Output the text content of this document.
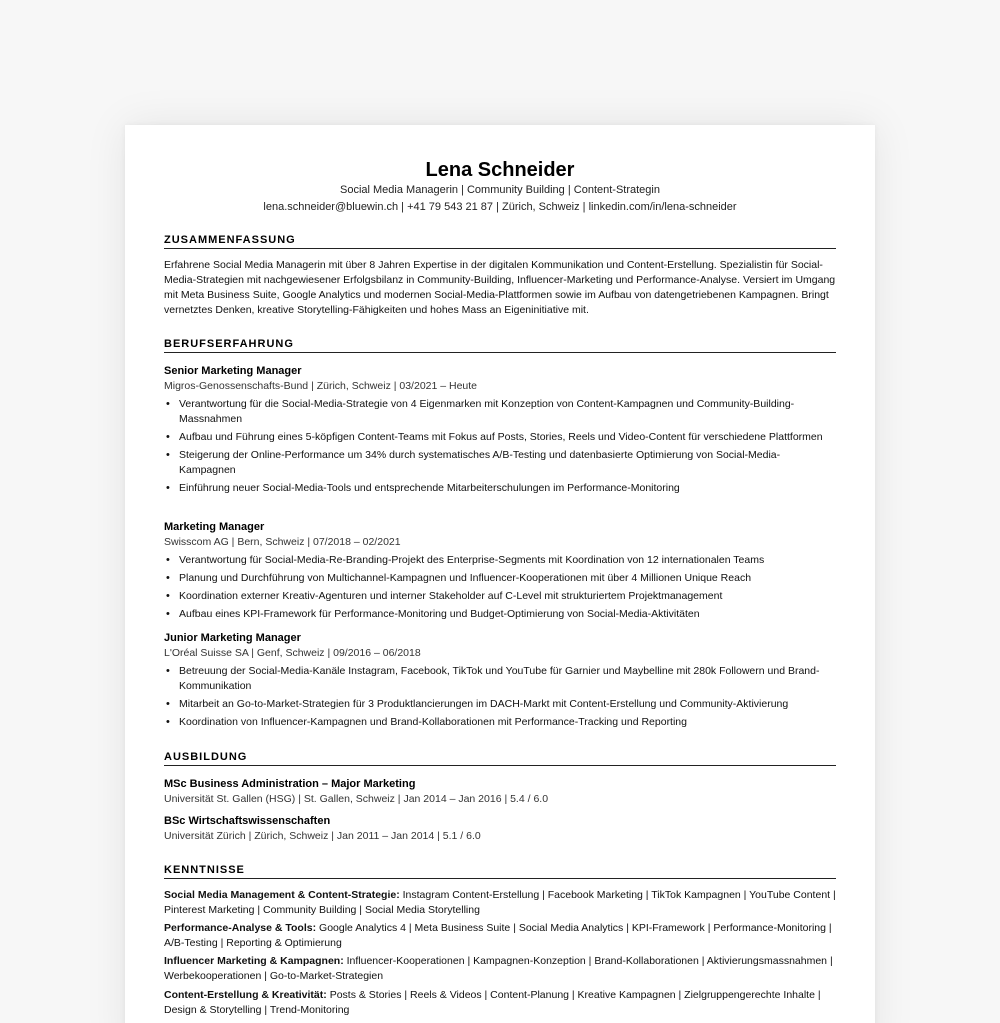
Lena Schneider
Social Media Managerin | Community Building | Content-Strategin
lena.schneider@bluewin.ch | +41 79 543 21 87 | Zürich, Schweiz | linkedin.com/in/lena-schneider
ZUSAMMENFASSUNG
Erfahrene Social Media Managerin mit über 8 Jahren Expertise in der digitalen Kommunikation und Content-Erstellung. Spezialistin für Social-Media-Strategien mit nachgewiesener Erfolgsbilanz in Community-Building, Influencer-Marketing und Performance-Analyse. Versiert im Umgang mit Meta Business Suite, Google Analytics und modernen Social-Media-Plattformen sowie im Aufbau von datengetriebenen Kampagnen. Bringt vernetztes Denken, kreative Storytelling-Fähigkeiten und hohes Mass an Eigeninitiative mit.
BERUFSERFAHRUNG
Senior Marketing Manager
Migros-Genossenschafts-Bund | Zürich, Schweiz | 03/2021 – Heute
• Verantwortung für die Social-Media-Strategie von 4 Eigenmarken mit Konzeption von Content-Kampagnen und Community-Building-Massnahmen
• Aufbau und Führung eines 5-köpfigen Content-Teams mit Fokus auf Posts, Stories, Reels und Video-Content für verschiedene Plattformen
• Steigerung der Online-Performance um 34% durch systematisches A/B-Testing und datenbasierte Optimierung von Social-Media-Kampagnen
• Einführung neuer Social-Media-Tools und entsprechende Mitarbeiterschulungen im Performance-Monitoring
Marketing Manager
Swisscom AG | Bern, Schweiz | 07/2018 – 02/2021
• Verantwortung für Social-Media-Re-Branding-Projekt des Enterprise-Segments mit Koordination von 12 internationalen Teams
• Planung und Durchführung von Multichannel-Kampagnen und Influencer-Kooperationen mit über 4 Millionen Unique Reach
• Koordination externer Kreativ-Agenturen und interner Stakeholder auf C-Level mit strukturiertem Projektmanagement
• Aufbau eines KPI-Framework für Performance-Monitoring und Budget-Optimierung von Social-Media-Aktivitäten
Junior Marketing Manager
L'Oréal Suisse SA | Genf, Schweiz | 09/2016 – 06/2018
• Betreuung der Social-Media-Kanäle Instagram, Facebook, TikTok und YouTube für Garnier und Maybelline mit 280k Followern und Brand-Kommunikation
• Mitarbeit an Go-to-Market-Strategien für 3 Produktlancierungen im DACH-Markt mit Content-Erstellung und Community-Aktivierung
• Koordination von Influencer-Kampagnen und Brand-Kollaborationen mit Performance-Tracking und Reporting
AUSBILDUNG
MSc Business Administration – Major Marketing
Universität St. Gallen (HSG) | St. Gallen, Schweiz | Jan 2014 – Jan 2016 | 5.4 / 6.0
BSc Wirtschaftswissenschaften
Universität Zürich | Zürich, Schweiz | Jan 2011 – Jan 2014 | 5.1 / 6.0
KENNTNISSE
Social Media Management & Content-Strategie: Instagram Content-Erstellung | Facebook Marketing | TikTok Kampagnen | YouTube Content | Pinterest Marketing | Community Building | Social Media Storytelling
Performance-Analyse & Tools: Google Analytics 4 | Meta Business Suite | Social Media Analytics | KPI-Framework | Performance-Monitoring | A/B-Testing | Reporting & Optimierung
Influencer Marketing & Kampagnen: Influencer-Kooperationen | Kampagnen-Konzeption | Brand-Kollaborationen | Aktivierungsmassnahmen | Werbekooperationen | Go-to-Market-Strategien
Content-Erstellung & Kreativität: Posts & Stories | Reels & Videos | Content-Planung | Kreative Kampagnen | Zielgruppengerechte Inhalte | Design & Storytelling | Trend-Monitoring
